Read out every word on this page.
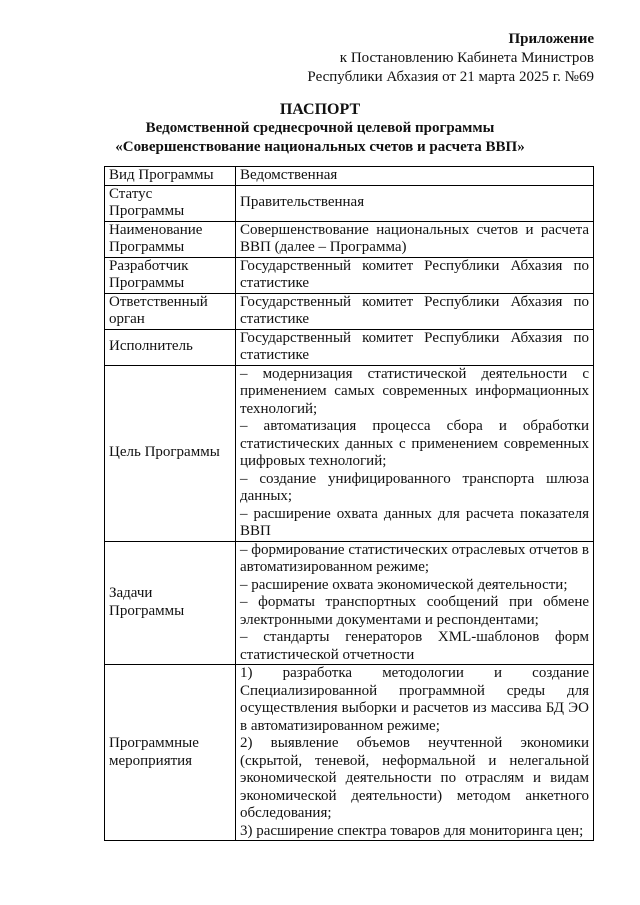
Приложение
к Постановлению Кабинета Министров
Республики Абхазия от 21 марта 2025 г. №69
ПАСПОРТ
Ведомственной среднесрочной целевой программы
«Совершенствование национальных счетов и расчета ВВП»
Вид Программы	Ведомственная
Статус Программы	Правительственная
Наименование Программы	Совершенствование национальных счетов и расчета ВВП (далее – Программа)
Разработчик Программы	Государственный комитет Республики Абхазия по статистике
Ответственный орган	Государственный комитет Республики Абхазия по статистике
Исполнитель	Государственный комитет Республики Абхазия по статистике
Цель Программы	– модернизация статистической деятельности с применением самых современных информационных технологий;
– автоматизация процесса сбора и обработки статистических данных с применением современных цифровых технологий;
– создание унифицированного транспорта шлюза данных;
– расширение охвата данных для расчета показателя ВВП

Задачи Программы	– формирование статистических отраслевых отчетов в автоматизированном режиме;
– расширение охвата экономической деятельности;
– форматы транспортных сообщений при обмене электронными документами и респондентами;
– стандарты генераторов XML-шаблонов форм статистической отчетности

Программные мероприятия	1) разработка методологии и создание Специализированной программной среды для осуществления выборки и расчетов из массива БД ЭО в автоматизированном режиме;
2) выявление объемов неучтенной экономики (скрытой, теневой, неформальной и нелегальной экономической деятельности по отраслям и видам экономической деятельности) методом анкетного обследования;
3) расширение спектра товаров для мониторинга цен;
